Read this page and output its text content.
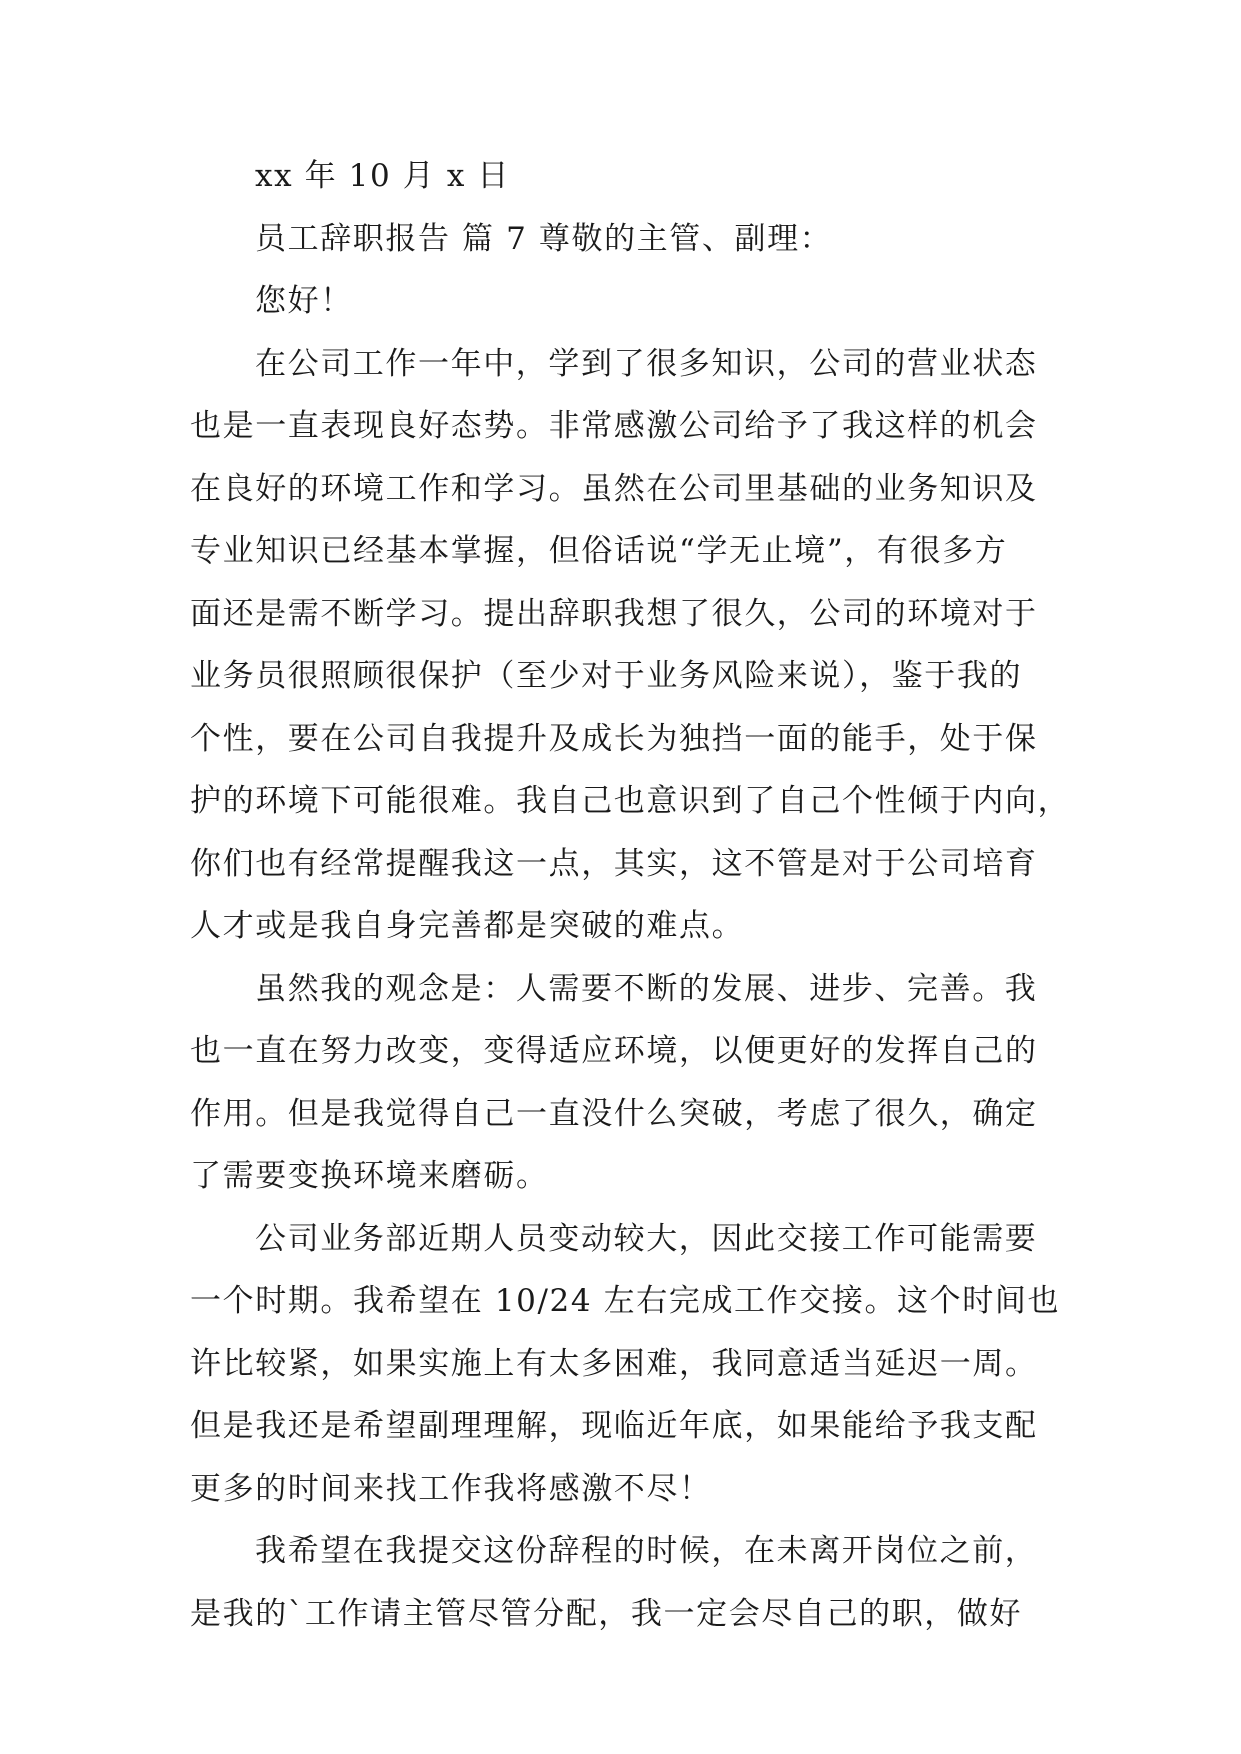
xx 年 10 月 x 日

员工辞职报告 篇 7 尊敬的主管、副理：

您好！

在公司工作一年中，学到了很多知识，公司的营业状态

也是一直表现良好态势。非常感激公司给予了我这样的机会

在良好的环境工作和学习。虽然在公司里基础的业务知识及

专业知识已经基本掌握，但俗话说“学无止境”，有很多方

面还是需不断学习。提出辞职我想了很久，公司的环境对于

业务员很照顾很保护（至少对于业务风险来说），鉴于我的

个性，要在公司自我提升及成长为独挡一面的能手，处于保

护的环境下可能很难。我自己也意识到了自己个性倾于内向，

你们也有经常提醒我这一点，其实，这不管是对于公司培育

人才或是我自身完善都是突破的难点。

虽然我的观念是：人需要不断的发展、进步、完善。我

也一直在努力改变，变得适应环境，以便更好的发挥自己的

作用。但是我觉得自己一直没什么突破，考虑了很久，确定

了需要变换环境来磨砺。

公司业务部近期人员变动较大，因此交接工作可能需要

一个时期。我希望在 10/24 左右完成工作交接。这个时间也

许比较紧，如果实施上有太多困难，我同意适当延迟一周。

但是我还是希望副理理解，现临近年底，如果能给予我支配

更多的时间来找工作我将感激不尽！

我希望在我提交这份辞程的时候，在未离开岗位之前，

是我的`工作请主管尽管分配，我一定会尽自己的职，做好
